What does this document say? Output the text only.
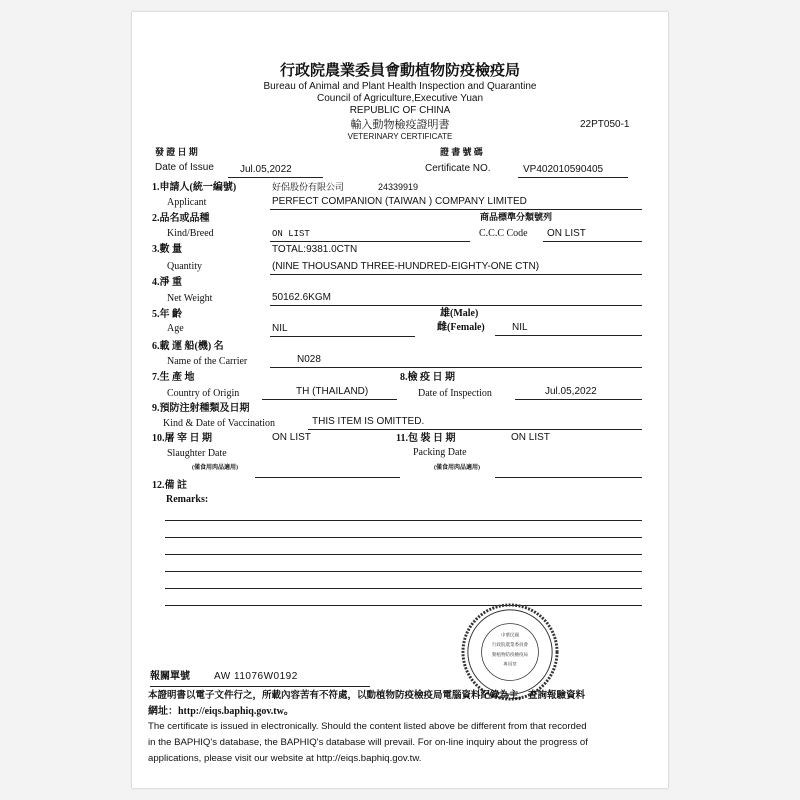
行政院農業委員會動植物防疫檢疫局
Bureau of Animal and Plant Health Inspection and Quarantine
Council of Agriculture,Executive Yuan
REPUBLIC OF CHINA
輸入動物檢疫證明書
VETERINARY CERTIFICATE
22PT050-1
發 證 日 期
Date of Issue	Jul.05,2022
證 書 號 碼
Certificate NO.	VP402010590405
1.申請人(統一編號)	好侶股份有限公司	24339919
Applicant	PERFECT COMPANION (TAIWAN ) COMPANY LIMITED
2.品名或品種	商品標準分類號列
Kind/Breed	ON LIST	C.C.C Code ON LIST
3.數 量	TOTAL:9381.0CTN
Quantity	(NINE THOUSAND THREE-HUNDRED-EIGHTY-ONE CTN)
4.淨 重
Net Weight	50162.6KGM
5.年 齡	雄(Male)
Age	NIL	雌(Female)	NIL
6.載 運 船(機) 名
Name of the Carrier	N028
7.生 產 地	8.檢 疫 日 期
Country of Origin	TH (THAILAND)	Date of Inspection	Jul.05,2022
9.預防注射種類及日期
Kind & Date of Vaccination	THIS ITEM IS OMITTED.
10.屠 宰 日 期	ON LIST	11.包 裝 日 期	ON LIST
Slaughter Date	Packing Date
(僅食用肉品適用)	(僅食用肉品適用)
12.備 註
Remarks:
中華民國
行政院農業委員會
動植物防疫檢疫局
專用章
報關單號 AW 11076W0192
本證明書以電子文件行之，所載內容苦有不符處，以動植物防疫檢疫局電腦資料紀錄為主，查詢報驗資料
網址：http://eiqs.baphiq.gov.tw。
The certificate is issued in electronically. Should the content listed above be different from that recorded
in the BAPHIQ's database, the BAPHIQ's database will prevail. For on-line inquiry about the progress of
applications, please visit our website at http://eiqs.baphiq.gov.tw.
